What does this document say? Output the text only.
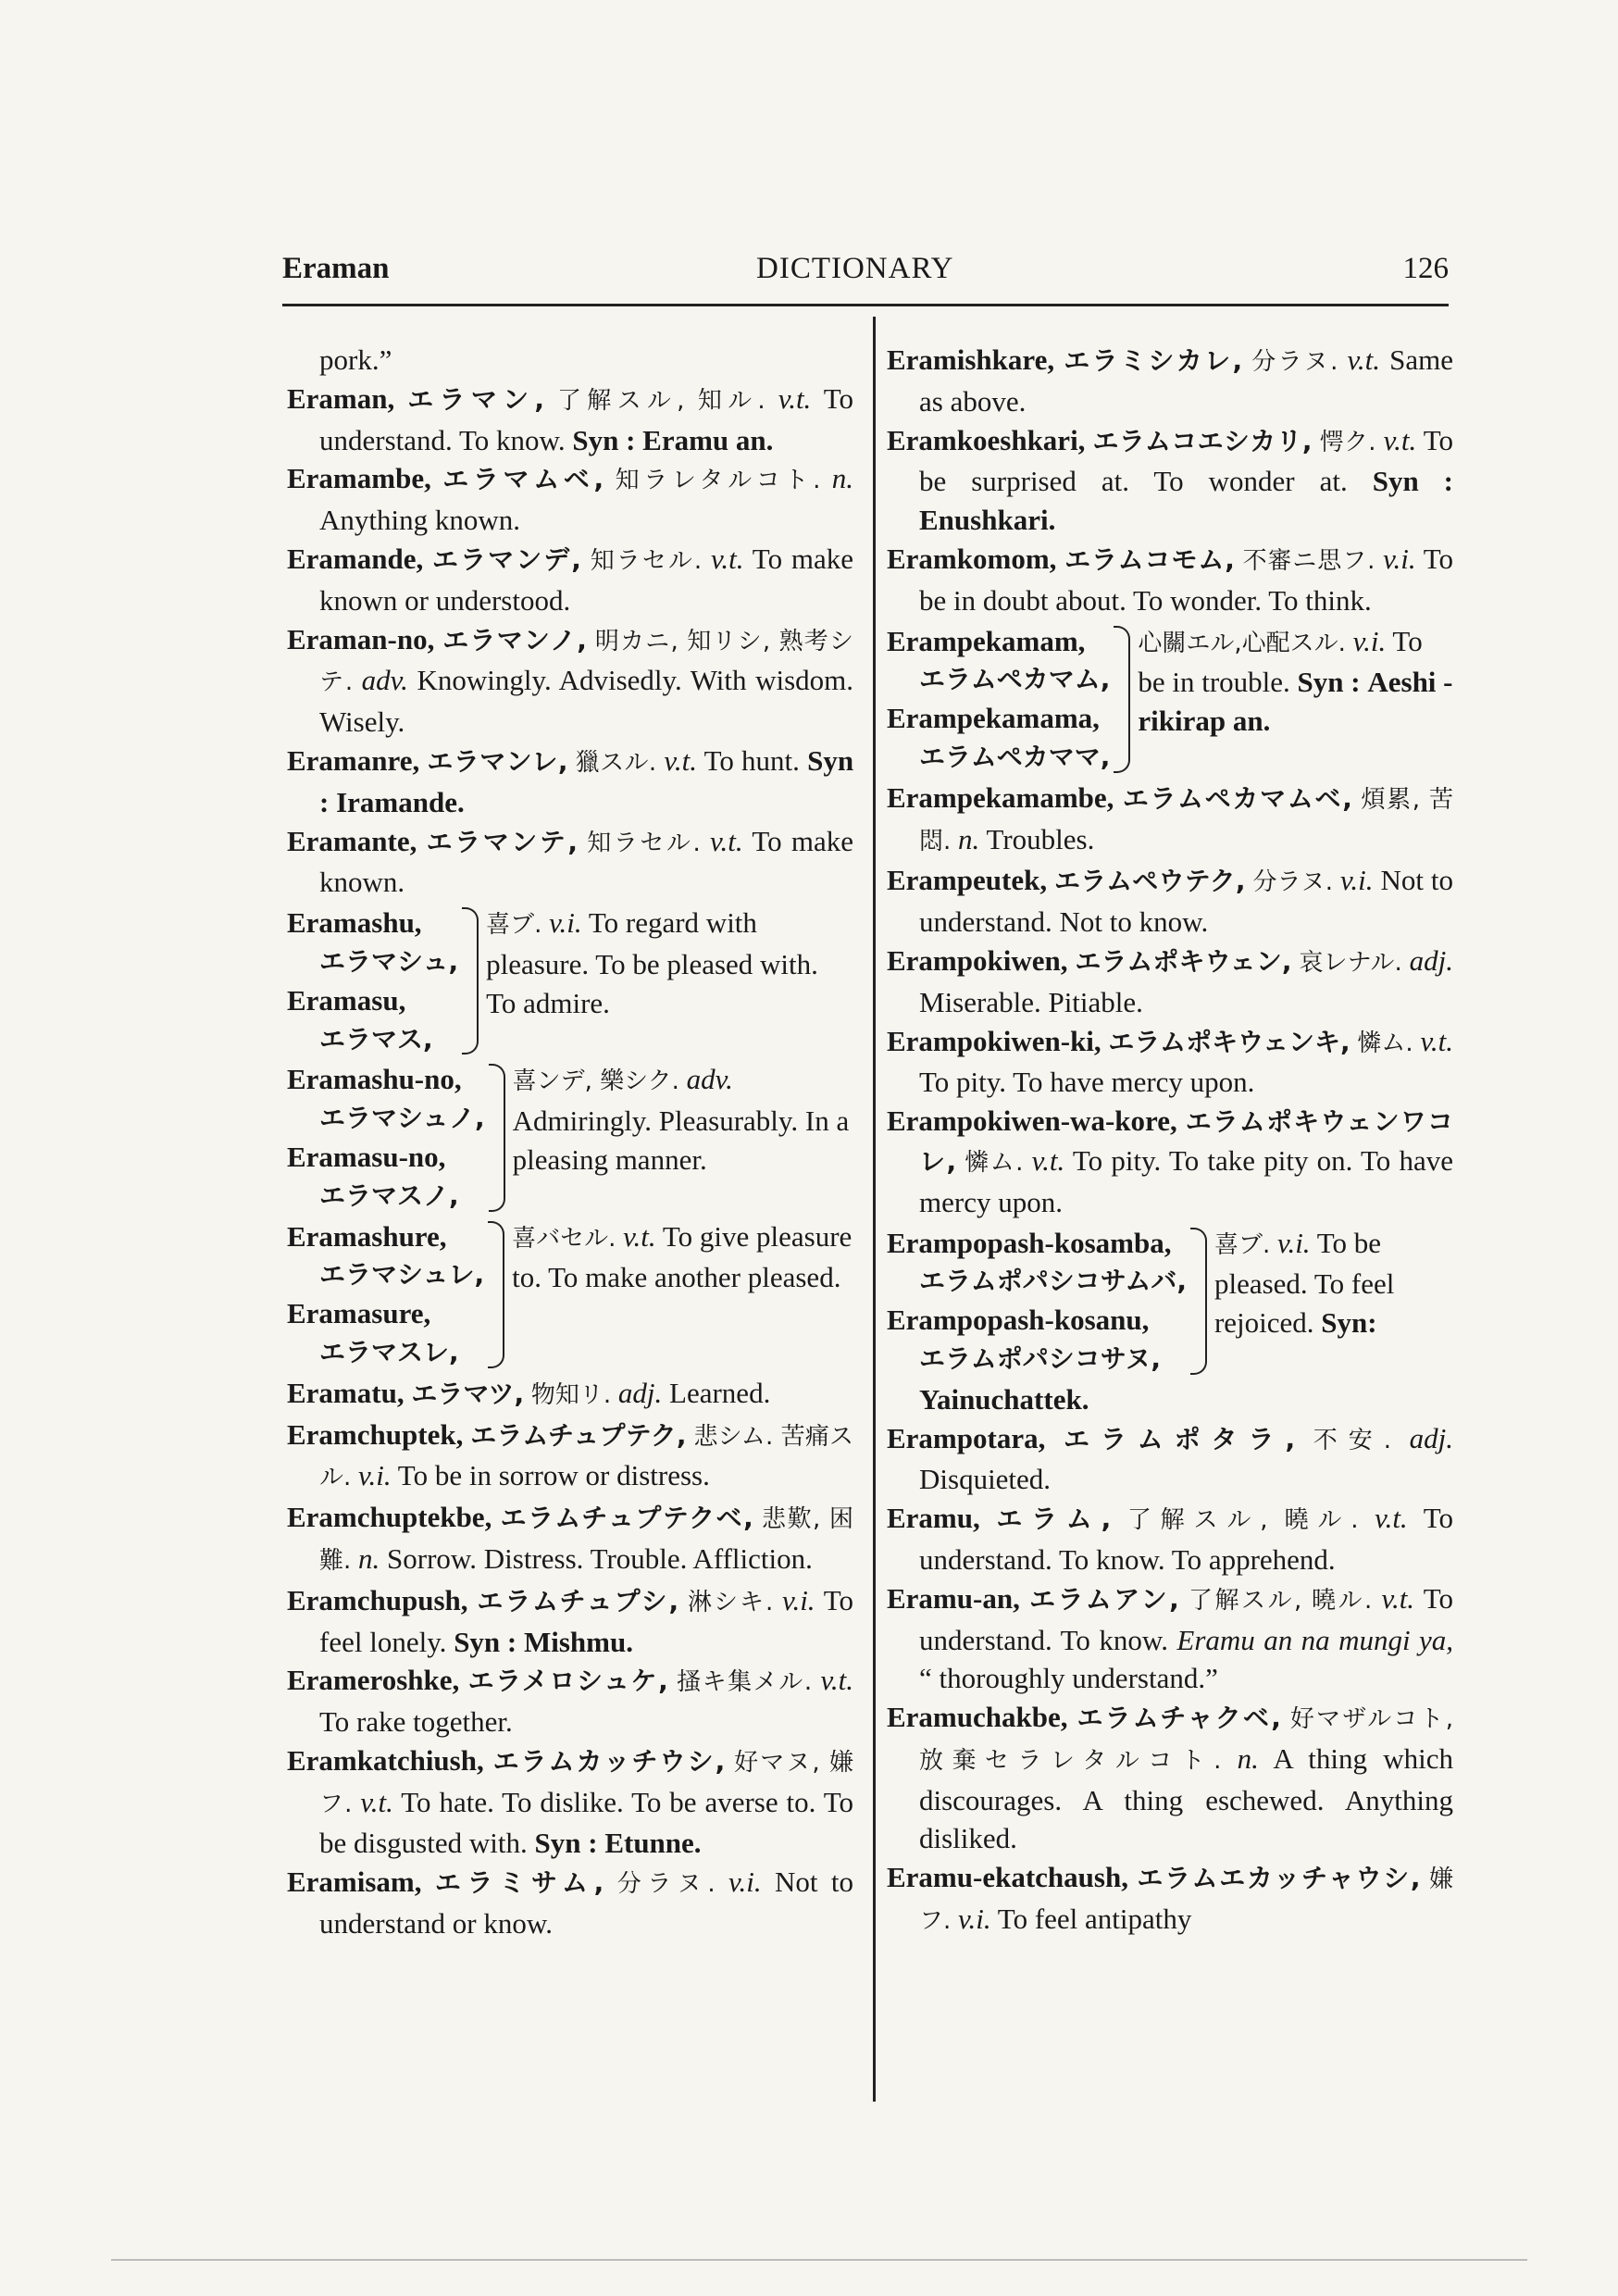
Eraman	DICTIONARY	126

pork.”

Eraman, エラマン, 了解スル, 知ル. v.t. To understand. To know. Syn : Eramu an.

Eramambe, エラマムベ, 知ラレタルコト. n. Anything known.

Eramande, エラマンデ, 知ラセル. v.t. To make known or understood.

Eraman-no, エラマンノ, 明カニ, 知リシ, 熟考シテ. adv. Knowingly. Advisedly. With wisdom. Wisely.

Eramanre, エラマンレ, 獵スル. v.t. To hunt. Syn : Iramande.

Eramante, エラマンテ, 知ラセル. v.t. To make known.

Eramashu,
エラマシュ,
Eramasu,
エラマス,
喜ブ. v.i. To regard with pleasure. To be pleased with. To admire.
Eramashu-no,
エラマシュノ,
Eramasu-no,
エラマスノ,
喜ンデ, 樂シク. adv. Admiringly. Pleasurably. In a pleasing manner.
Eramashure,
エラマシュレ,
Eramasure,
エラマスレ,
喜バセル. v.t. To give pleasure to. To make another pleased.

Eramatu, エラマツ, 物知リ. adj. Learned.

Eramchuptek, エラムチュプテク, 悲シム. 苦痛スル. v.i. To be in sorrow or distress.

Eramchuptekbe, エラムチュプテクベ, 悲歎, 困難. n. Sorrow. Distress. Trouble. Affliction.

Eramchupush, エラムチュプシ, 淋シキ. v.i. To feel lonely. Syn : Mishmu.

Erameroshke, エラメロシュケ, 搔キ集メル. v.t. To rake together.

Eramkatchiush, エラムカッチウシ, 好マヌ, 嫌フ. v.t. To hate. To dislike. To be averse to. To be disgusted with. Syn : Etunne.

Eramisam, エラミサム, 分ラヌ. v.i. Not to understand or know.

Eramishkare, エラミシカレ, 分ラヌ. v.t. Same as above.

Eramkoeshkari, エラムコエシカリ, 愕ク. v.t. To be surprised at. To wonder at. Syn : Enushkari.

Eramkomom, エラムコモム, 不審ニ思フ. v.i. To be in doubt about. To wonder. To think.

Erampekamam,
エラムペカマム,
Erampekamama,
エラムペカママ,
心關エル,心配スル. v.i. To be in trouble. Syn : Aeshi - rikirap an.

Erampekamambe, エラムペカマムベ, 煩累, 苦悶. n. Troubles.

Erampeutek, エラムペウテク, 分ラヌ. v.i. Not to understand. Not to know.

Erampokiwen, エラムポキウェン, 哀レナル. adj. Miserable. Pitiable.

Erampokiwen-ki, エラムポキウェンキ, 憐ム. v.t. To pity. To have mercy upon.

Erampokiwen-wa-kore, エラムポキウェンワコレ, 憐ム. v.t. To pity. To take pity on. To have mercy upon.

Erampopash-kosamba,
エラムポパシコサムバ,
Erampopash-kosanu,
エラムポパシコサヌ,
喜ブ. v.i. To be pleased. To feel rejoiced. Syn:

Yainuchattek.

Erampotara, エラムポタラ, 不安. adj. Disquieted.

Eramu, エラム, 了解スル, 曉ル. v.t. To understand. To know. To apprehend.

Eramu-an, エラムアン, 了解スル, 曉ル. v.t. To understand. To know. Eramu an na mungi ya, “ thoroughly understand.”

Eramuchakbe, エラムチャクベ, 好マザルコト, 放棄セラレタルコト. n. A thing which discourages. A thing eschewed. Anything disliked.

Eramu-ekatchaush, エラムエカッチャウシ, 嫌フ. v.i. To feel antipathy
